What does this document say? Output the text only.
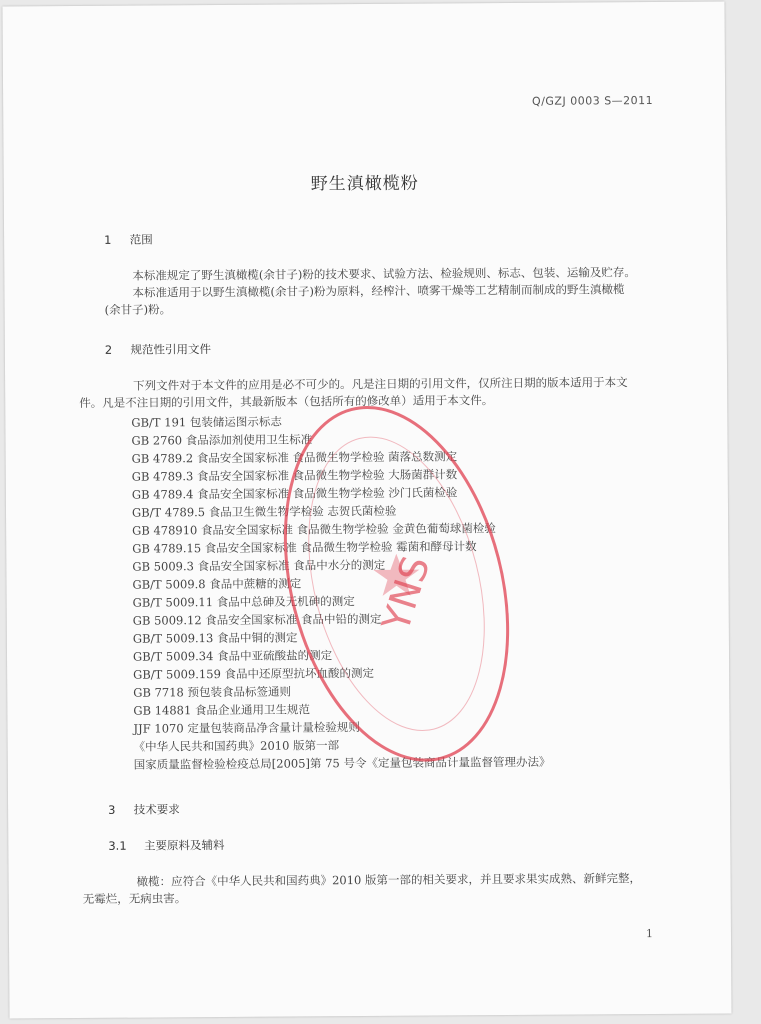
Q/GZJ 0003 S—2011
野生滇橄榄粉
1 范围
本标准规定了野生滇橄榄(余甘子)粉的技术要求、试验方法、检验规则、标志、包装、运输及贮存。
本标准适用于以野生滇橄榄(余甘子)粉为原料，经榨汁、喷雾干燥等工艺精制而制成的野生滇橄榄
(余甘子)粉。
2 规范性引用文件
下列文件对于本文件的应用是必不可少的。凡是注日期的引用文件，仅所注日期的版本适用于本文
件。凡是不注日期的引用文件，其最新版本（包括所有的修改单）适用于本文件。
GB/T 191 包装储运图示标志
GB 2760 食品添加剂使用卫生标准
GB 4789.2 食品安全国家标准 食品微生物学检验 菌落总数测定
GB 4789.3 食品安全国家标准 食品微生物学检验 大肠菌群计数
GB 4789.4 食品安全国家标准 食品微生物学检验 沙门氏菌检验
GB/T 4789.5 食品卫生微生物学检验 志贺氏菌检验
GB 478910 食品安全国家标准 食品微生物学检验 金黄色葡萄球菌检验
GB 4789.15 食品安全国家标准 食品微生物学检验 霉菌和酵母计数
GB 5009.3 食品安全国家标准 食品中水分的测定
GB/T 5009.8 食品中蔗糖的测定
GB/T 5009.11 食品中总砷及无机砷的测定
GB 5009.12 食品安全国家标准 食品中铅的测定
GB/T 5009.13 食品中铜的测定
GB/T 5009.34 食品中亚硫酸盐的测定
GB/T 5009.159 食品中还原型抗坏血酸的测定
GB 7718 预包装食品标签通则
GB 14881 食品企业通用卫生规范
JJF 1070 定量包装商品净含量计量检验规则
《中华人民共和国药典》2010 版第一部
国家质量监督检验检疫总局[2005]第 75 号令《定量包装商品计量监督管理办法》
3 技术要求
3.1 主要原料及辅料
橄榄：应符合《中华人民共和国药典》2010 版第一部的相关要求，并且要求果实成熟、新鲜完整，
无霉烂，无病虫害。
1
YNS
